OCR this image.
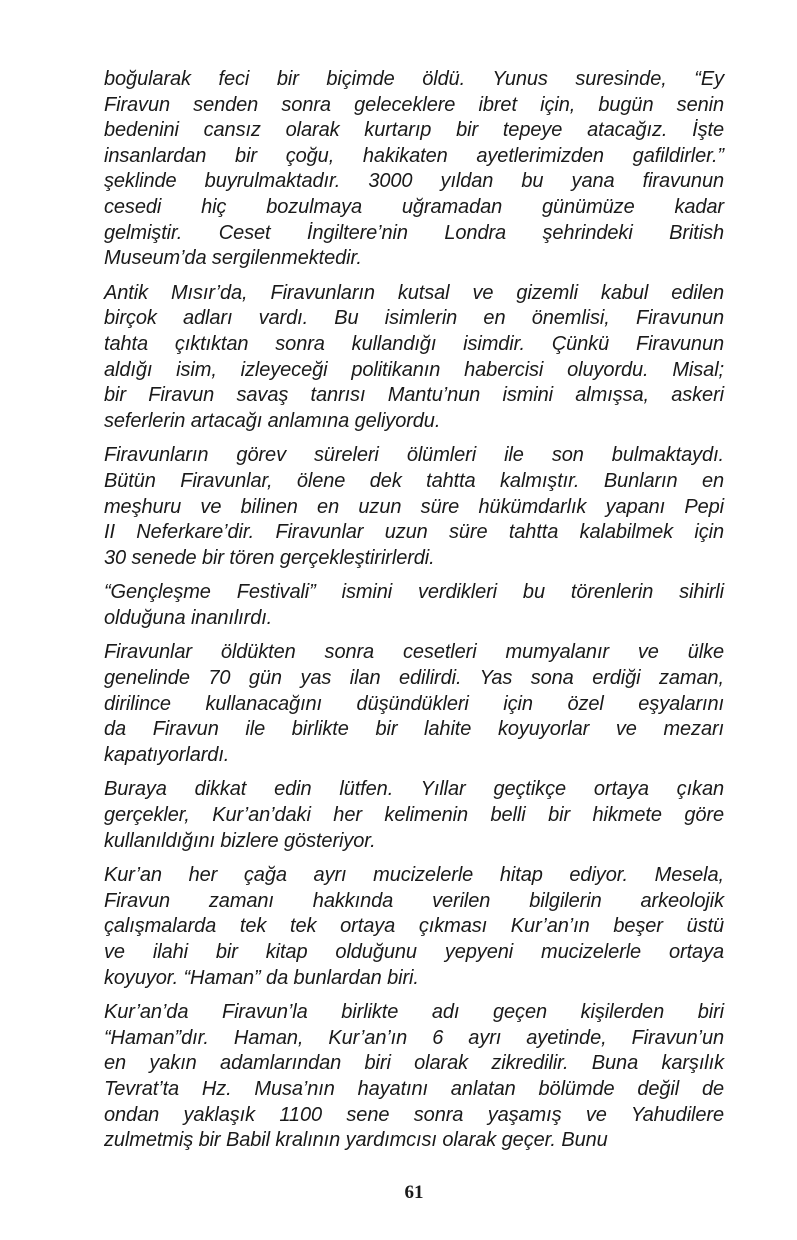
boğularak feci bir biçimde öldü. Yunus suresinde, “Ey
Firavun senden sonra geleceklere ibret için, bugün senin
bedenini cansız olarak kurtarıp bir tepeye atacağız. İşte
insanlardan bir çoğu, hakikaten ayetlerimizden gafildirler.”
şeklinde buyrulmaktadır. 3000 yıldan bu yana firavunun
cesedi hiç bozulmaya uğramadan günümüze kadar
gelmiştir. Ceset İngiltere’nin Londra şehrindeki British
Museum’da sergilenmektedir.
Antik Mısır’da, Firavunların kutsal ve gizemli kabul edilen
birçok adları vardı. Bu isimlerin en önemlisi, Firavunun
tahta çıktıktan sonra kullandığı isimdir. Çünkü Firavunun
aldığı isim, izleyeceği politikanın habercisi oluyordu. Misal;
bir Firavun savaş tanrısı Mantu’nun ismini almışsa, askeri
seferlerin artacağı anlamına geliyordu.
Firavunların görev süreleri ölümleri ile son bulmaktaydı.
Bütün Firavunlar, ölene dek tahtta kalmıştır. Bunların en
meşhuru ve bilinen en uzun süre hükümdarlık yapanı Pepi
II Neferkare’dir. Firavunlar uzun süre tahtta kalabilmek için
30 senede bir tören gerçekleştirirlerdi.
“Gençleşme Festivali” ismini verdikleri bu törenlerin sihirli
olduğuna inanılırdı.
Firavunlar öldükten sonra cesetleri mumyalanır ve ülke
genelinde 70 gün yas ilan edilirdi. Yas sona erdiği zaman,
dirilince kullanacağını düşündükleri için özel eşyalarını
da Firavun ile birlikte bir lahite koyuyorlar ve mezarı
kapatıyorlardı.
Buraya dikkat edin lütfen. Yıllar geçtikçe ortaya çıkan
gerçekler, Kur’an’daki her kelimenin belli bir hikmete göre
kullanıldığını bizlere gösteriyor.
Kur’an her çağa ayrı mucizelerle hitap ediyor. Mesela,
Firavun zamanı hakkında verilen bilgilerin arkeolojik
çalışmalarda tek tek ortaya çıkması Kur’an’ın beşer üstü
ve ilahi bir kitap olduğunu yepyeni mucizelerle ortaya
koyuyor. “Haman” da bunlardan biri.
Kur’an’da Firavun’la birlikte adı geçen kişilerden biri
“Haman”dır. Haman, Kur’an’ın 6 ayrı ayetinde, Firavun’un
en yakın adamlarından biri olarak zikredilir. Buna karşılık
Tevrat’ta Hz. Musa’nın hayatını anlatan bölümde değil de
ondan yaklaşık 1100 sene sonra yaşamış ve Yahudilere
zulmetmiş bir Babil kralının yardımcısı olarak geçer. Bunu
61
